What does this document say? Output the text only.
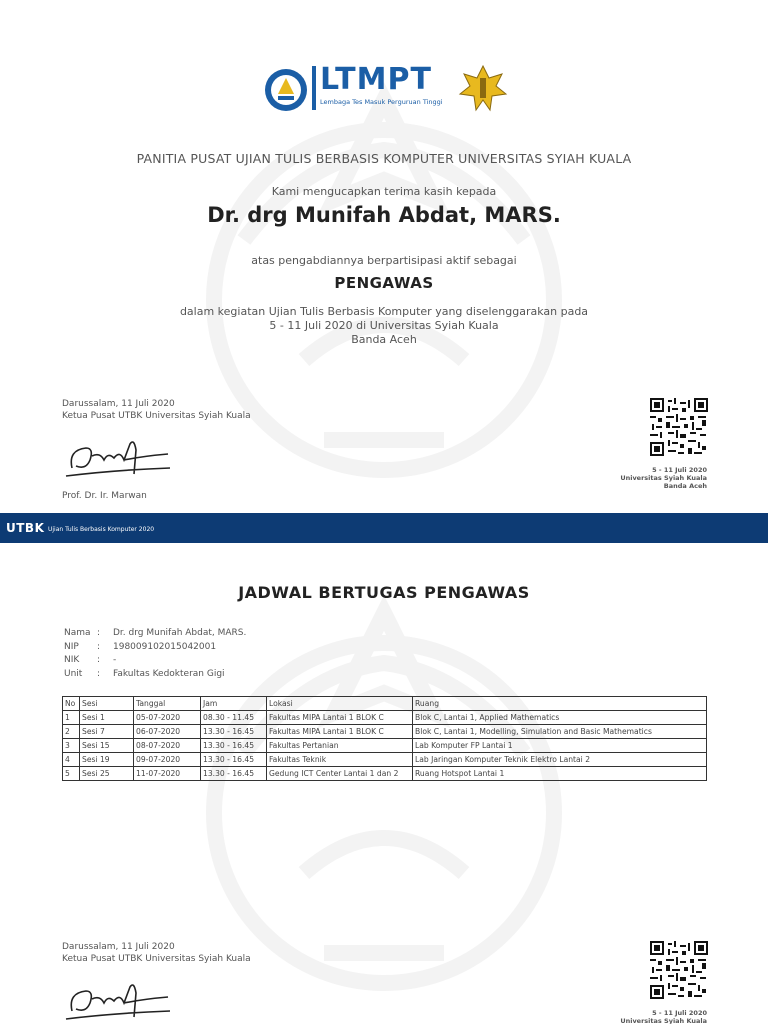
LTMPT
Lembaga Tes Masuk Perguruan Tinggi
PANITIA PUSAT UJIAN TULIS BERBASIS KOMPUTER UNIVERSITAS SYIAH KUALA
Kami mengucapkan terima kasih kepada
Dr. drg Munifah Abdat, MARS.
atas pengabdiannya berpartisipasi aktif sebagai
PENGAWAS
dalam kegiatan Ujian Tulis Berbasis Komputer yang diselenggarakan pada
5 - 11 Juli 2020 di Universitas Syiah Kuala
Banda Aceh
Darussalam, 11 Juli 2020
Ketua Pusat UTBK Universitas Syiah Kuala
Prof. Dr. Ir. Marwan
5 - 11 Juli 2020
Universitas Syiah Kuala
Banda Aceh
UTBK Ujian Tulis Berbasis Komputer 2020
JADWAL BERTUGAS PENGAWAS
Nama :	Dr. drg Munifah Abdat, MARS.
NIP	:	198009102015042001
NIK	:	-
Unit	:	Fakultas Kedokteran Gigi
No	Sesi	Tanggal	Jam	Lokasi	Ruang
1	Sesi 1	05-07-2020	08.30 - 11.45	Fakultas MIPA Lantai 1 BLOK C	Blok C, Lantai 1, Applied Mathematics
2	Sesi 7	06-07-2020	13.30 - 16.45	Fakultas MIPA Lantai 1 BLOK C	Blok C, Lantai 1, Modelling, Simulation and Basic Mathematics
3	Sesi 15	08-07-2020	13.30 - 16.45	Fakultas Pertanian	Lab Komputer FP Lantai 1
4	Sesi 19	09-07-2020	13.30 - 16.45	Fakultas Teknik	Lab Jaringan Komputer Teknik Elektro Lantai 2
5	Sesi 25	11-07-2020	13.30 - 16.45	Gedung ICT Center Lantai 1 dan 2	Ruang Hotspot Lantai 1
Darussalam, 11 Juli 2020
Ketua Pusat UTBK Universitas Syiah Kuala
5 - 11 Juli 2020
Universitas Syiah Kuala
